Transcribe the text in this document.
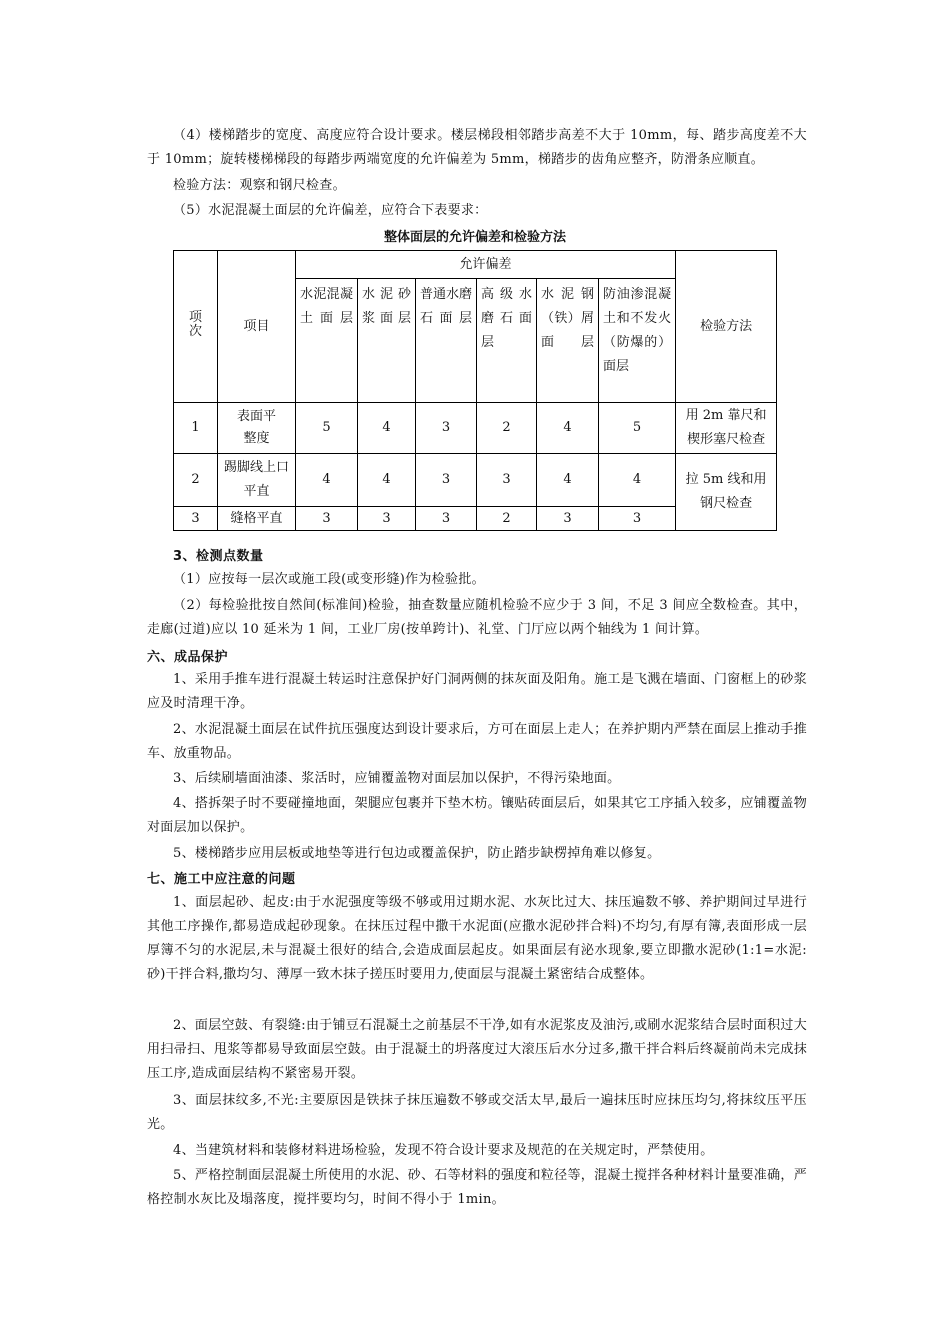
（4）楼梯踏步的宽度、高度应符合设计要求。楼层梯段相邻踏步高差不大于 10mm，每、踏步高度差不大于 10mm；旋转楼梯梯段的每踏步两端宽度的允许偏差为 5mm，梯踏步的齿角应整齐，防滑条应顺直。

检验方法：观察和钢尺检查。

（5）水泥混凝土面层的允许偏差，应符合下表要求：

整体面层的允许偏差和检验方法

项次	项目	允许偏差						检验方法
		水泥混凝土面层	水泥砂浆面层	普通水磨石面层	高级水磨石面层	水泥钢（铁）屑面层	防油渗混凝土和不发火（防爆的）面层	
1	表面平整度	5	4	3	2	4	5	用 2m 靠尺和楔形塞尺检查
2	踢脚线上口平直	4	4	3	3	4	4	拉 5m 线和用钢尺检查
3	缝格平直	3	3	3	2	3	3	

3、检测点数量

（1）应按每一层次或施工段(或变形缝)作为检验批。

（2）每检验批按自然间(标准间)检验，抽查数量应随机检验不应少于 3 间，不足 3 间应全数检查。其中，走廊(过道)应以 10 延米为 1 间，工业厂房(按单跨计)、礼堂、门厅应以两个轴线为 1 间计算。

六、成品保护

1、采用手推车进行混凝土转运时注意保护好门洞两侧的抹灰面及阳角。施工是飞溅在墙面、门窗框上的砂浆应及时清理干净。

2、水泥混凝土面层在试件抗压强度达到设计要求后，方可在面层上走人；在养护期内严禁在面层上推动手推车、放重物品。

3、后续刷墙面油漆、浆活时，应铺覆盖物对面层加以保护，不得污染地面。

4、搭拆架子时不要碰撞地面，架腿应包裹并下垫木枋。镶贴砖面层后，如果其它工序插入较多，应铺覆盖物对面层加以保护。

5、楼梯踏步应用层板或地垫等进行包边或覆盖保护，防止踏步缺楞掉角难以修复。

七、施工中应注意的问题

1、面层起砂、起皮:由于水泥强度等级不够或用过期水泥、水灰比过大、抹压遍数不够、养护期间过早进行其他工序操作,都易造成起砂现象。在抹压过程中撒干水泥面(应撒水泥砂拌合料)不均匀,有厚有簿,表面形成一层厚簿不匀的水泥层,未与混凝土很好的结合,会造成面层起皮。如果面层有泌水现象,要立即撒水泥砂(1:1=水泥:砂)干拌合料,撒均匀、薄厚一致木抹子搓压时要用力,使面层与混凝土紧密结合成整体。

2、面层空鼓、有裂缝:由于铺豆石混凝土之前基层不干净,如有水泥浆皮及油污,或刷水泥浆结合层时面积过大用扫帚扫、甩浆等都易导致面层空鼓。由于混凝土的坍落度过大滚压后水分过多,撒干拌合料后终凝前尚未完成抹压工序,造成面层结构不紧密易开裂。

3、面层抹纹多,不光:主要原因是铁抹子抹压遍数不够或交活太早,最后一遍抹压时应抹压均匀,将抹纹压平压光。

4、当建筑材料和装修材料进场检验，发现不符合设计要求及规范的在关规定时，严禁使用。

5、严格控制面层混凝土所使用的水泥、砂、石等材料的强度和粒径等，混凝土搅拌各种材料计量要准确，严格控制水灰比及塌落度，搅拌要均匀，时间不得小于 1min。
